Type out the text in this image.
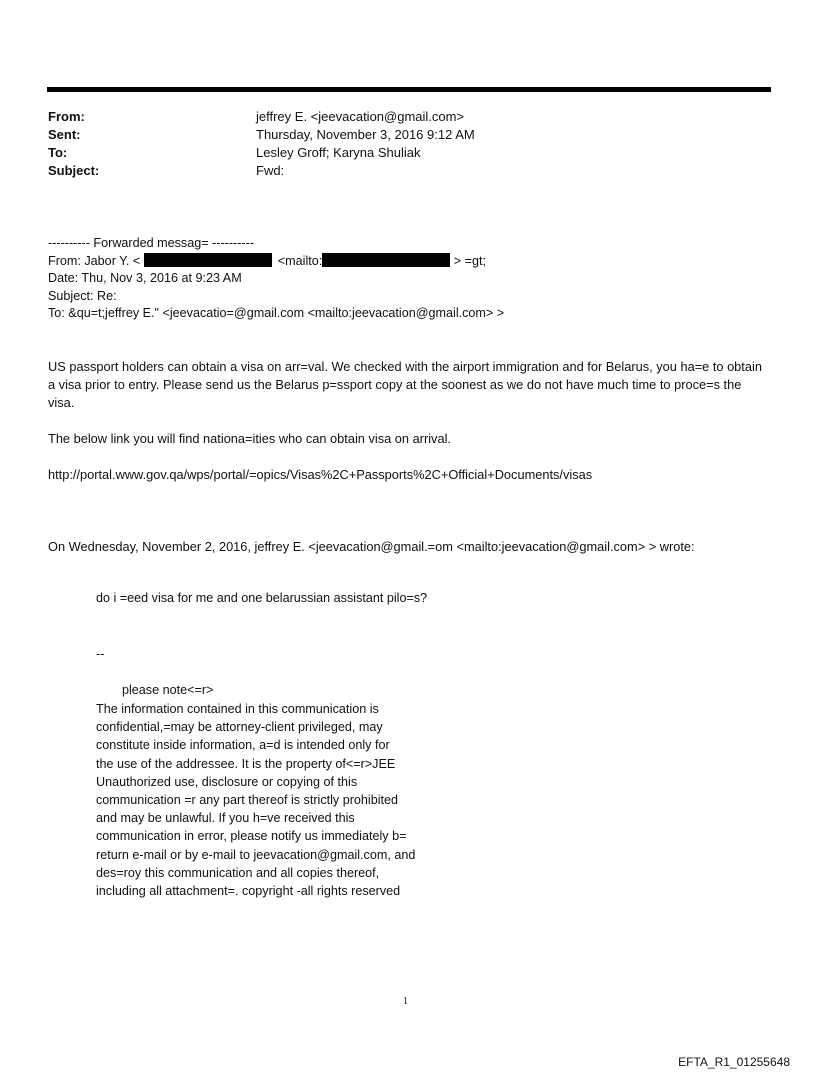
From:	jeffrey E. <jeevacation@gmail.com>
Sent:	Thursday, November 3, 2016 9:12 AM
To:	Lesley Groff; Karyna Shuliak
Subject:	Fwd:
---------- Forwarded messag= ----------
From: Jabor Y. <	<mailto:	> =gt;
Date: Thu, Nov 3, 2016 at 9:23 AM
Subject: Re:
To: &qu=t;jeffrey E." <jeevacatio=@gmail.com <mailto:jeevacation@gmail.com> >
US passport holders can obtain a visa on arr=val. We checked with the airport immigration and for Belarus, you ha=e to obtain a visa prior to entry. Please send us the Belarus p=ssport copy at the soonest as we do not have much time to proce=s the visa.
The below link you will find nationa=ities who can obtain visa on arrival.
http://portal.www.gov.qa/wps/portal/=opics/Visas%2C+Passports%2C+Official+Documents/visas
On Wednesday, November 2, 2016, jeffrey E. <jeevacation@gmail.=om <mailto:jeevacation@gmail.com> > wrote:
do i =eed visa for me and one belarussian assistant pilo=s?
--
please note<=r>
The information contained in this communication is
confidential,=may be attorney-client privileged, may
constitute inside information, a=d is intended only for
the use of the addressee. It is the property of<=r>JEE
Unauthorized use, disclosure or copying of this
communication =r any part thereof is strictly prohibited
and may be unlawful. If you h=ve received this
communication in error, please notify us immediately b=
return e-mail or by e-mail to jeevacation@gmail.com, and
des=roy this communication and all copies thereof,
including all attachment=. copyright -all rights reserved
1
EFTA_R1_01255648
